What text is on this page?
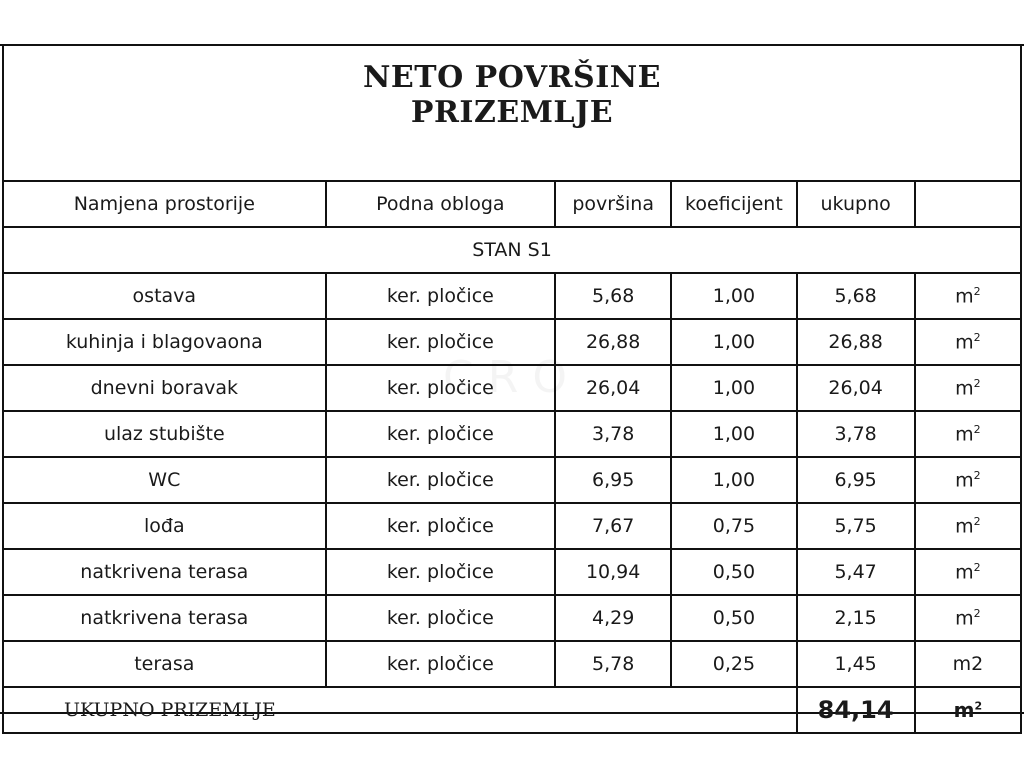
NETO POVRŠINE
PRIZEMLJE
Namjena prostorije	Podna obloga	površina	koeficijent	ukupno	
STAN S1					
ostava	ker. pločice	5,68	1,00	5,68	$m^2$
kuhinja i blagovaona	ker. pločice	26,88	1,00	26,88	$m^2$
dnevni boravak	ker. pločice	26,04	1,00	26,04	$m^2$
ulaz stubište	ker. pločice	3,78	1,00	3,78	$m^2$
WC	ker. pločice	6,95	1,00	6,95	$m^2$
lođa	ker. pločice	7,67	0,75	5,75	$m^2$
natkrivena terasa	ker. pločice	10,94	0,50	5,47	$m^2$
natkrivena terasa	ker. pločice	4,29	0,50	2,15	$m^2$
terasa	ker. pločice	5,78	0,25	1,45	m2
UKUPNO PRIZEMLJE				84,14	$m^2$
